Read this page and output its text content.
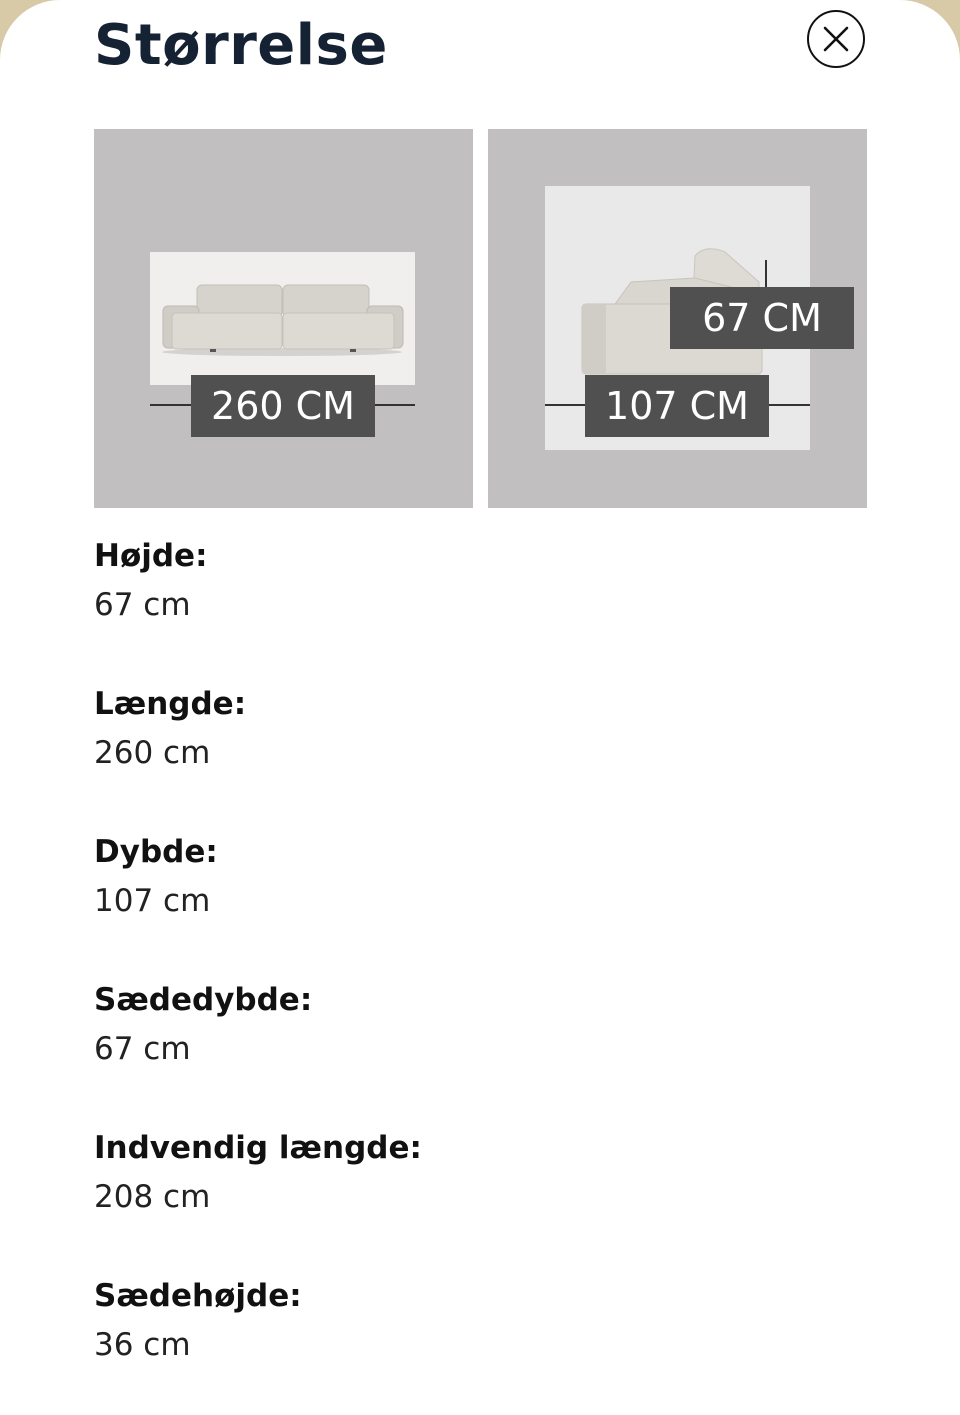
Størrelse
260 CM
67 CM
107 CM
Højde:
67 cm
Længde:
260 cm
Dybde:
107 cm
Sædedybde:
67 cm
Indvendig længde:
208 cm
Sædehøjde:
36 cm
